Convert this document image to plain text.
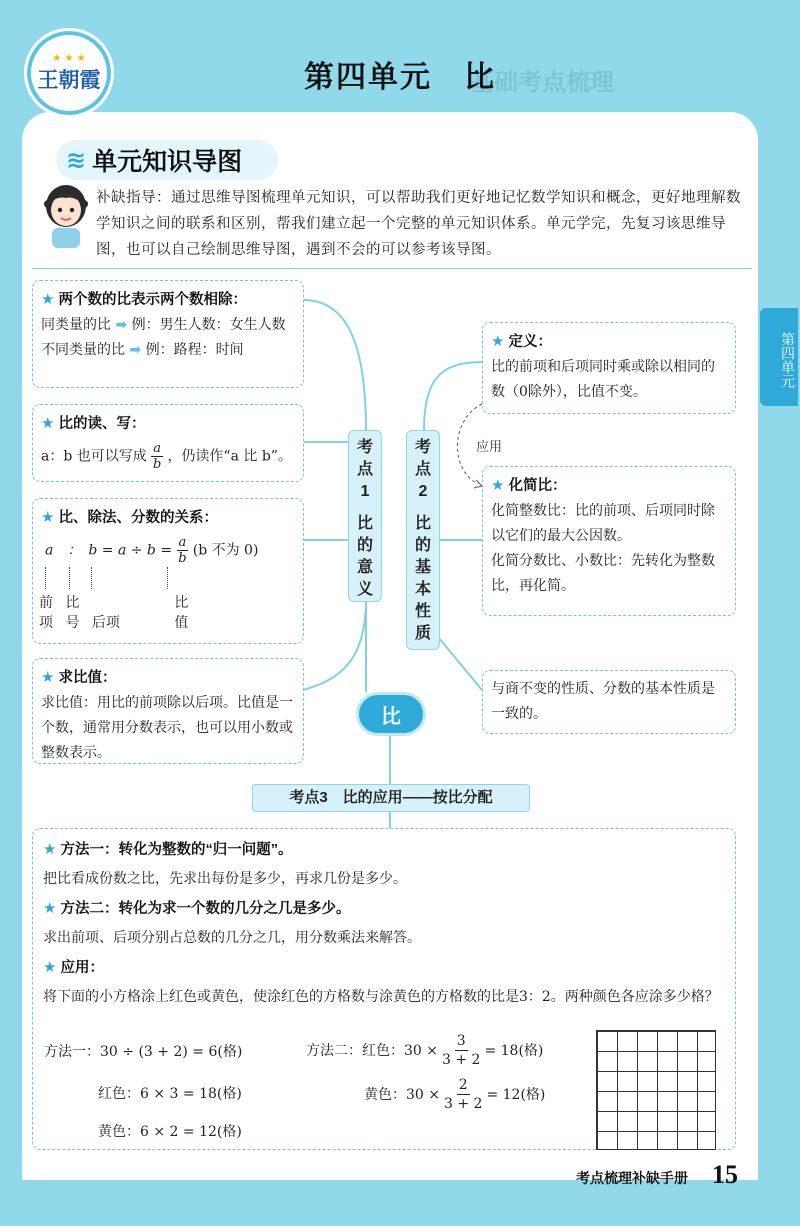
★ ★ ★
王朝霞	基础考点梳理
第四单元　比
第四单元
≋ 单元知识导图
补缺指导：通过思维导图梳理单元知识，可以帮助我们更好地记忆数学知识和概念，更好地理解数学知识之间的联系和区别，帮我们建立起一个完整的单元知识体系。单元学完，先复习该思维导图，也可以自己绘制思维导图，遇到不会的可以参考该导图。
★ 两个数的比表示两个数相除：
同类量的比 ➡ 例：男生人数：女生人数
不同类量的比 ➡ 例：路程：时间
★ 比的读、写：
a：b 也可以写成 $\frac{a}{b}$ ，仍读作“a 比 b”。
★ 比、除法、分数的关系：
a　：　$b = a \div b = \frac{a}{b} (b$ 不为 0)
前项 比号 后项 比值
★ 求比值：
求比值：用比的前项除以后项。比值是一个数，通常用分数表示，也可以用小数或整数表示。
考点1
比的意义
考点2
比的基本性质
比
应用
考点3　比的应用——按比分配
★ 定义：
比的前项和后项同时乘或除以相同的数（0除外），比值不变。
★ 化简比：
化简整数比：比的前项、后项同时除以它们的最大公因数。
化简分数比、小数比：先转化为整数比，再化简。
与商不变的性质、分数的基本性质是一致的。
★ 方法一：转化为整数的“归一问题”。
把比看成份数之比，先求出每份是多少，再求几份是多少。
★ 方法二：转化为求一个数的几分之几是多少。
求出前项、后项分别占总数的几分之几，用分数乘法来解答。
★ 应用：
将下面的小方格涂上红色或黄色，使涂红色的方格数与涂黄色的方格数的比是3：2。两种颜色各应涂多少格？
方法一：30 ÷ (3 + 2) = 6(格)
红色：6 × 3 = 18(格)
黄色：6 × 2 = 12(格)
方法二：红色：$30 \times \frac{3}{3 + 2} = 18$(格)
黄色：$30 \times \frac{2}{3 + 2} = 12$(格)
考点梳理补缺手册 15
